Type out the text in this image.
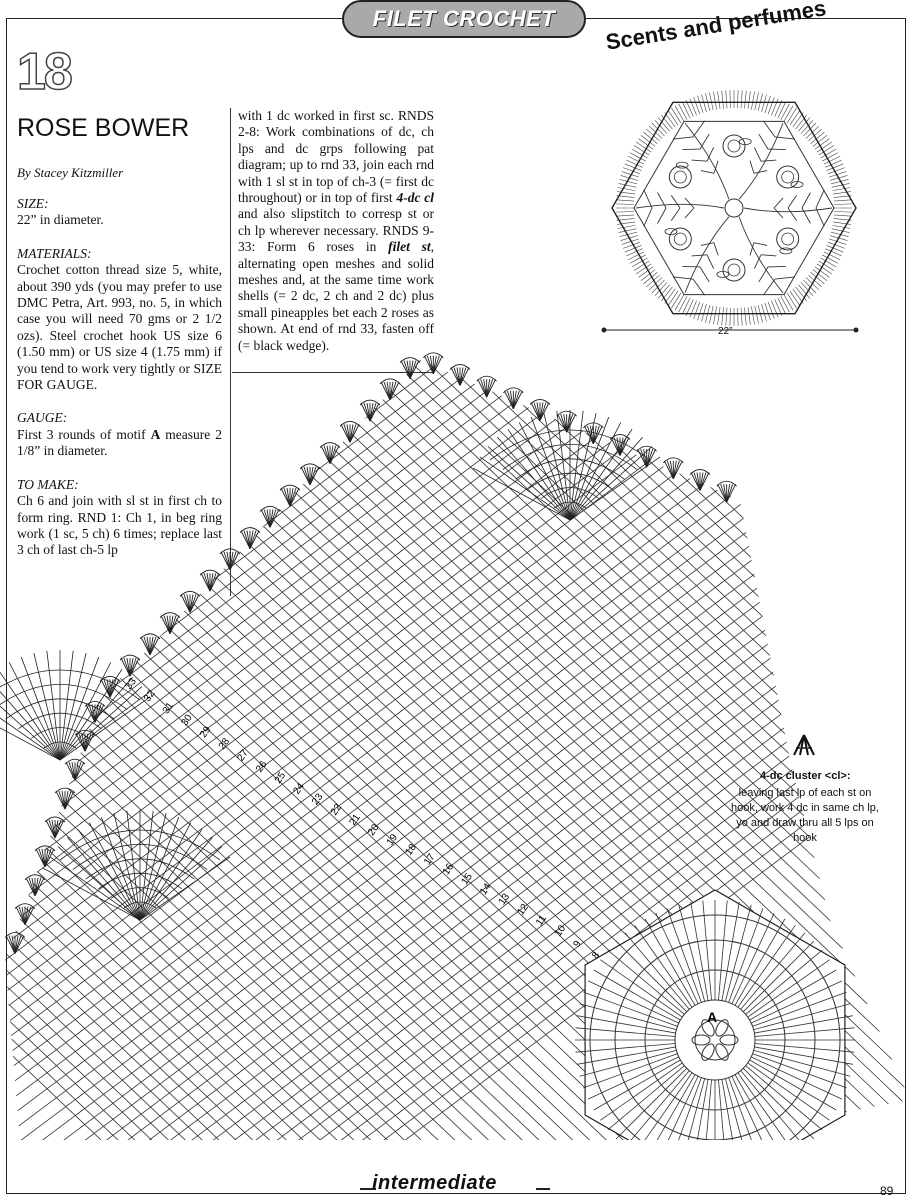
FILET CROCHET
18
ROSE BOWER
By Stacey Kitzmiller
SIZE:
22” in diameter.
MATERIALS:
Crochet cotton thread size 5, white, about 390 yds (you may prefer to use DMC Petra, Art. 993, no. 5, in which case you will need 70 gms or 2 1/2 ozs). Steel crochet hook US size 6 (1.50 mm) or US size 4 (1.75 mm) if you tend to work very tightly or SIZE FOR GAUGE.
GAUGE:
First 3 rounds of motif A measure 2 1/8” in diameter.
TO MAKE:
Ch 6 and join with sl st in first ch to form ring. RND 1: Ch 1, in beg ring work (1 sc, 5 ch) 6 times; replace last 3 ch of last ch-5 lp
with 1 dc worked in first sc. RNDS 2-8: Work combinations of dc, ch lps and dc grps following pat diagram; up to rnd 33, join each rnd with 1 sl st in top of ch-3 (= first dc throughout) or in top of first 4-dc cl and also slipstitch to corresp st or ch lp wherever necessary. RNDS 9-33: Form 6 roses in filet st, alternating open meshes and solid meshes and, at the same time work shells (= 2 dc, 2 ch and 2 dc) plus small pineapples bet each 2 roses as shown. At end of rnd 33, fasten off (= black wedge).
Scents and perfumes
22”
33
32
31
30
29
28
27
26
25
24
23
22
21
20
19
18
17
16
15
14
13
12
11
10
9
8
A
4-dc cluster <cl>:
leaving last lp of each st on hook, work 4 dc in same ch lp, yo and draw thru all 5 lps on hook
intermediate	89
